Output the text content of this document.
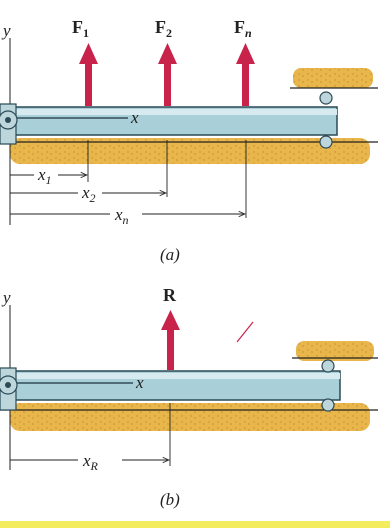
y
x
$F_1$	$F_2$	$F_n$
$x_1$
$x_2$
$x_n$
(a)
y
x
R
$x_R$
(b)
